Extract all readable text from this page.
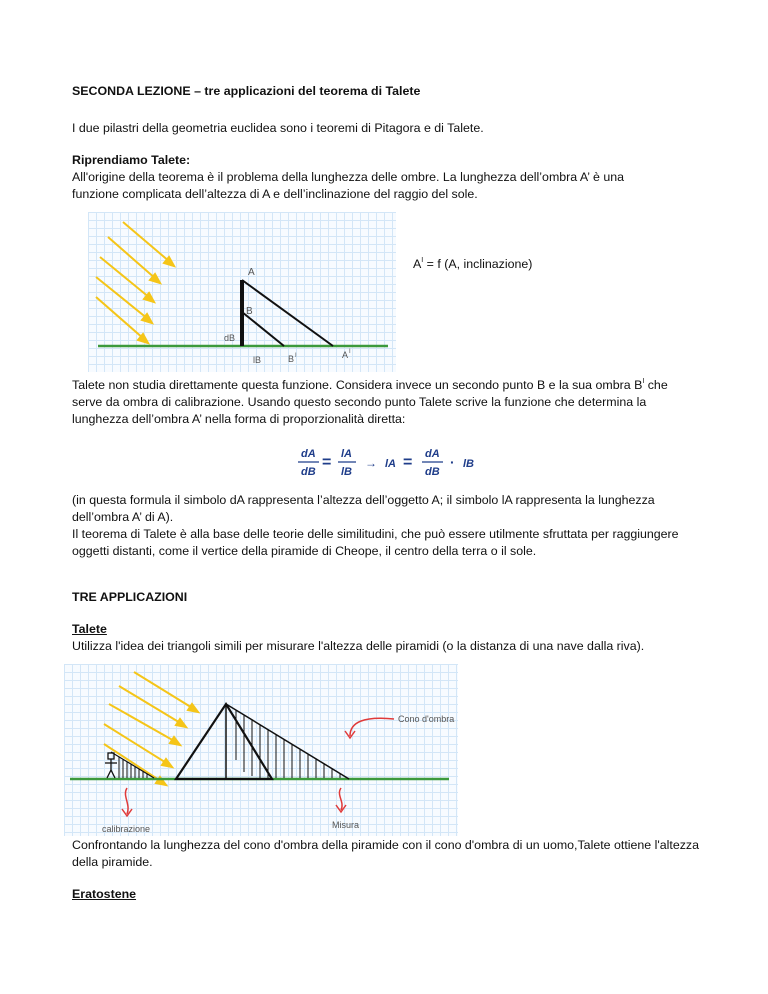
SECONDA LEZIONE – tre applicazioni del teorema di Talete

I due pilastri della geometria euclidea sono i teoremi di Pitagora e di Talete.

Riprendiamo Talete:

All'origine della teorema è il problema della lunghezza delle ombre. La lunghezza dell’ombra A’ è una funzione complicata dell’altezza di A e dell’inclinazione del raggio del sole.

A
B
dB
lB	B I	A I

$A^I = f$ (A, inclinazione)

Talete non studia direttamente questa funzione. Considera invece un secondo punto B e la sua ombra $B^I$ che serve da ombra di calibrazione. Usando questo secondo punto Talete scrive la funzione che determina la lunghezza dell’ombra A’ nella forma di proporzionalità diretta:

dA
dB
= lA
lB
→ lA = dA
dB
· lB

(in questa formula il simbolo dA rappresenta l’altezza dell’oggetto A; il simbolo lA rappresenta la lunghezza dell’ombra A’ di A).

Il teorema di Talete è alla base delle teorie delle similitudini, che può essere utilmente sfruttata per raggiungere oggetti distanti, come il vertice della piramide di Cheope, il centro della terra o il sole.

TRE APPLICAZIONI

Talete

Utilizza l'idea dei triangoli simili per misurare l'altezza delle piramidi (o la distanza di una nave dalla riva).

Cono d'ombra
calibrazione	Misura

Confrontando la lunghezza del cono d'ombra della piramide con il cono d'ombra di un uomo,Talete ottiene l'altezza della piramide.

Eratostene
